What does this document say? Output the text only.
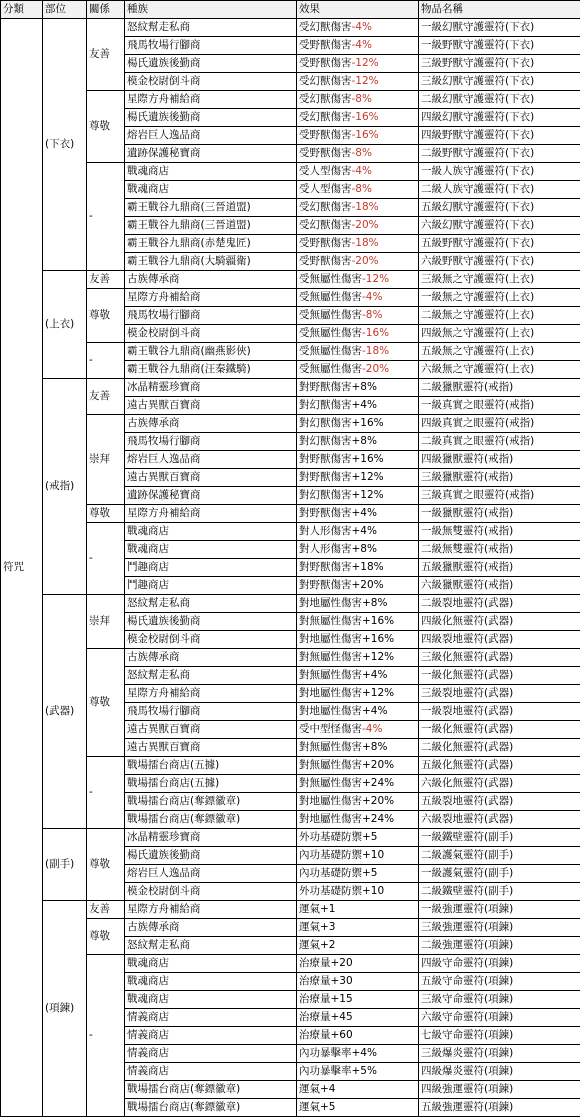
分類	部位	關係	種族	效果	物品名稱
符咒	(下衣)	友善	怒紋幫走私商	受幻獸傷害-4%	一級幻獸守護靈符(下衣)
			飛馬牧場行腳商	受野獸傷害-4%	一級野獸守護靈符(下衣)
			楊氏遺族後勤商	受野獸傷害-12%	三級野獸守護靈符(下衣)
			模金校尉倒斗商	受幻獸傷害-12%	三級幻獸守護靈符(下衣)
		尊敬	星際方舟補給商	受幻獸傷害-8%	二級幻獸守護靈符(下衣)
			楊氏遺族後勤商	受幻獸傷害-16%	四級幻獸守護靈符(下衣)
			熔岩巨人逸品商	受野獸傷害-16%	四級野獸守護靈符(下衣)
			遺跡保護秘寶商	受野獸傷害-8%	二級野獸守護靈符(下衣)
		-	戰魂商店	受人型傷害-4%	一級人族守護靈符(下衣)
			戰魂商店	受人型傷害-8%	二級人族守護靈符(下衣)
			霸王戰谷九鼎商(三晉道盟)	受幻獸傷害-18%	五級幻獸守護靈符(下衣)
			霸王戰谷九鼎商(三晉道盟)	受幻獸傷害-20%	六級幻獸守護靈符(下衣)
			霸王戰谷九鼎商(赤楚鬼匠)	受野獸傷害-18%	五級野獸守護靈符(下衣)
			霸王戰谷九鼎商(大騎疆衛)	受野獸傷害-20%	六級野獸守護靈符(下衣)
	(上衣)	友善	古族傳承商	受無屬性傷害-12%	三級無之守護靈符(上衣)
		尊敬	星際方舟補給商	受無屬性傷害-4%	一級無之守護靈符(上衣)
			飛馬牧場行腳商	受無屬性傷害-8%	二級無之守護靈符(上衣)
			模金校尉倒斗商	受無屬性傷害-16%	四級無之守護靈符(上衣)
		-	霸王戰谷九鼎商(幽燕影俠)	受無屬性傷害-18%	五級無之守護靈符(上衣)
			霸王戰谷九鼎商(汪秦鐵騎)	受無屬性傷害-20%	六級無之守護靈符(上衣)
	(戒指)	友善	冰晶精靈珍寶商	對野獸傷害+8%	二級獵獸靈符(戒指)
			遠古異獸百寶商	對幻獸傷害+4%	一級真實之眼靈符(戒指)
		崇拜	古族傳承商	對幻獸傷害+16%	四級真實之眼靈符(戒指)
			飛馬牧場行腳商	對幻獸傷害+8%	二級真實之眼靈符(戒指)
			熔岩巨人逸品商	對野獸傷害+16%	四級獵獸靈符(戒指)
			遠古異獸百寶商	對野獸傷害+12%	三級獵獸靈符(戒指)
			遺跡保護秘寶商	對幻獸傷害+12%	三級真實之眼靈符(戒指)
		尊敬	星際方舟補給商	對野獸傷害+4%	一級獵獸靈符(戒指)
		-	戰魂商店	對人形傷害+4%	一級無雙靈符(戒指)
			戰魂商店	對人形傷害+8%	二級無雙靈符(戒指)
			鬥趣商店	對野獸傷害+18%	五級獵獸靈符(戒指)
			鬥趣商店	對野獸傷害+20%	六級獵獸靈符(戒指)
	(武器)	崇拜	怒紋幫走私商	對地屬性傷害+8%	二級裂地靈符(武器)
			楊氏遺族後勤商	對無屬性傷害+16%	四級化無靈符(武器)
			模金校尉倒斗商	對地屬性傷害+16%	四級裂地靈符(武器)
		尊敬	古族傳承商	對無屬性傷害+12%	三級化無靈符(武器)
			怒紋幫走私商	對無屬性傷害+4%	一級化無靈符(武器)
			星際方舟補給商	對地屬性傷害+12%	三級裂地靈符(武器)
			飛馬牧場行腳商	對地屬性傷害+4%	一級裂地靈符(武器)
			遠古異獸百寶商	受中型怪傷害-4%	一級化無靈符(武器)
			遠古異獸百寶商	對無屬性傷害+8%	二級化無靈符(武器)
		-	戰場擂台商店(五據)	對無屬性傷害+20%	五級化無靈符(武器)
			戰場擂台商店(五據)	對無屬性傷害+24%	六級化無靈符(武器)
			戰場擂台商店(奪鏢徽章)	對地屬性傷害+20%	五級裂地靈符(武器)
			戰場擂台商店(奪鏢徽章)	對地屬性傷害+24%	六級裂地靈符(武器)
	(副手)	尊敬	冰晶精靈珍寶商	外功基礎防禦+5	一級鐵壁靈符(副手)
			楊氏遺族後勤商	內功基礎防禦+10	二級護氣靈符(副手)
			熔岩巨人逸品商	內功基礎防禦+5	一級護氣靈符(副手)
			模金校尉倒斗商	外功基礎防禦+10	二級鐵壁靈符(副手)
	(項鍊)	友善	星際方舟補給商	運氣+1	一級強運靈符(項鍊)
		尊敬	古族傳承商	運氣+3	三級強運靈符(項鍊)
			怒紋幫走私商	運氣+2	二級強運靈符(項鍊)
		-	戰魂商店	治療量+20	四級守命靈符(項鍊)
			戰魂商店	治療量+30	五級守命靈符(項鍊)
			戰魂商店	治療量+15	三級守命靈符(項鍊)
			情義商店	治療量+45	六級守命靈符(項鍊)
			情義商店	治療量+60	七級守命靈符(項鍊)
			情義商店	內功暴擊率+4%	三級爆炎靈符(項鍊)
			情義商店	內功暴擊率+5%	四級爆炎靈符(項鍊)
			戰場擂台商店(奪鏢徽章)	運氣+4	四級強運靈符(項鍊)
			戰場擂台商店(奪鏢徽章)	運氣+5	五級強運靈符(項鍊)
